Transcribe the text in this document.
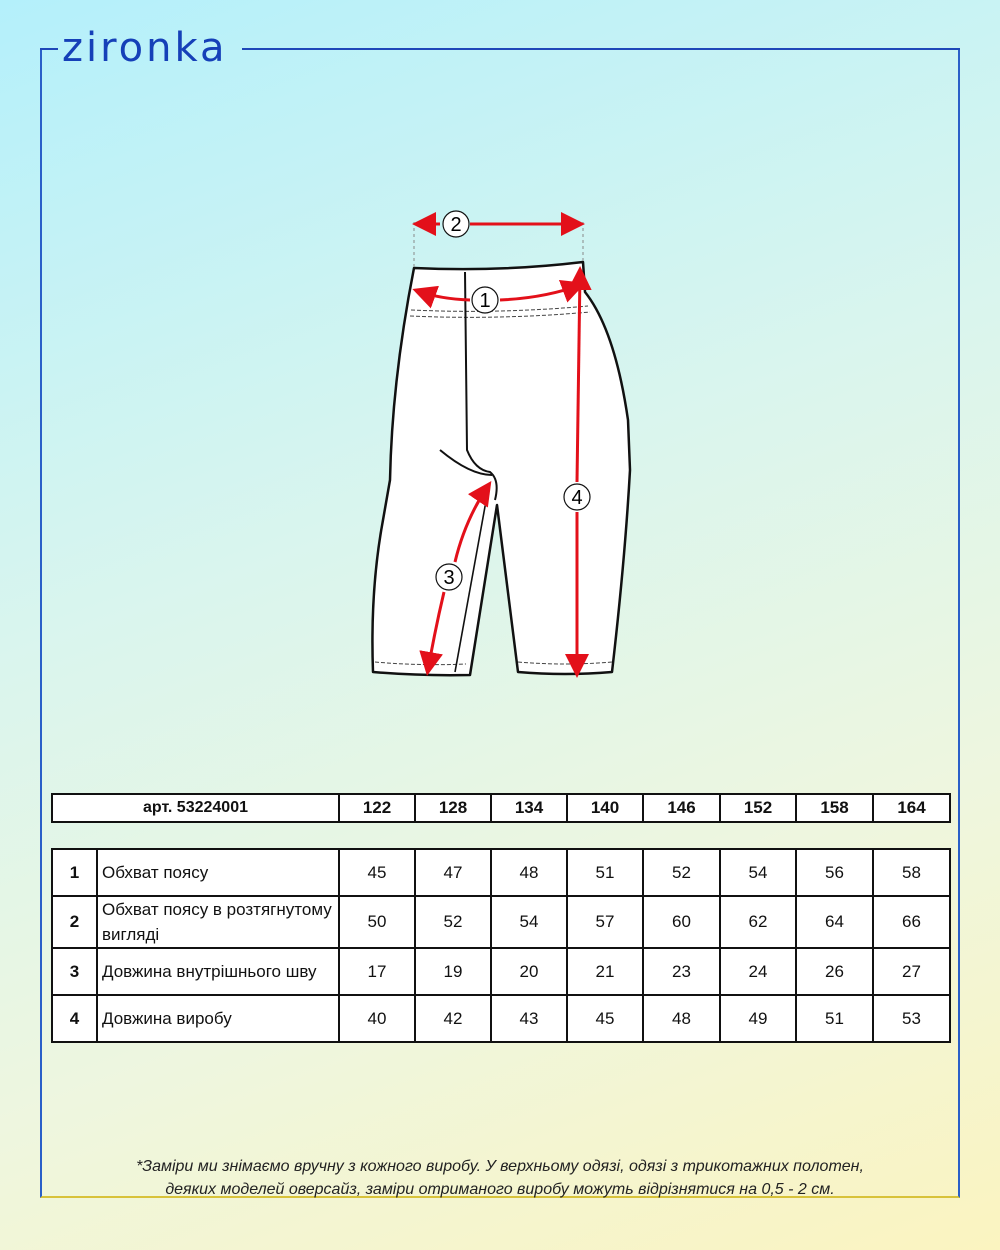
zironka
2
1
4
3
арт. 53224001	122	128	134	140	146	152	158	164
1	Обхват поясу	45	47	48	51	52	54	56	58
2	Обхват поясу в розтягнутому вигляді	50	52	54	57	60	62	64	66
3	Довжина внутрішнього шву	17	19	20	21	23	24	26	27
4	Довжина виробу	40	42	43	45	48	49	51	53
*Заміри ми знімаємо вручну з кожного виробу. У верхньому одязі, одязі з трикотажних полотен,
деяких моделей оверсайз, заміри отриманого виробу можуть відрізнятися на 0,5 - 2 см.
